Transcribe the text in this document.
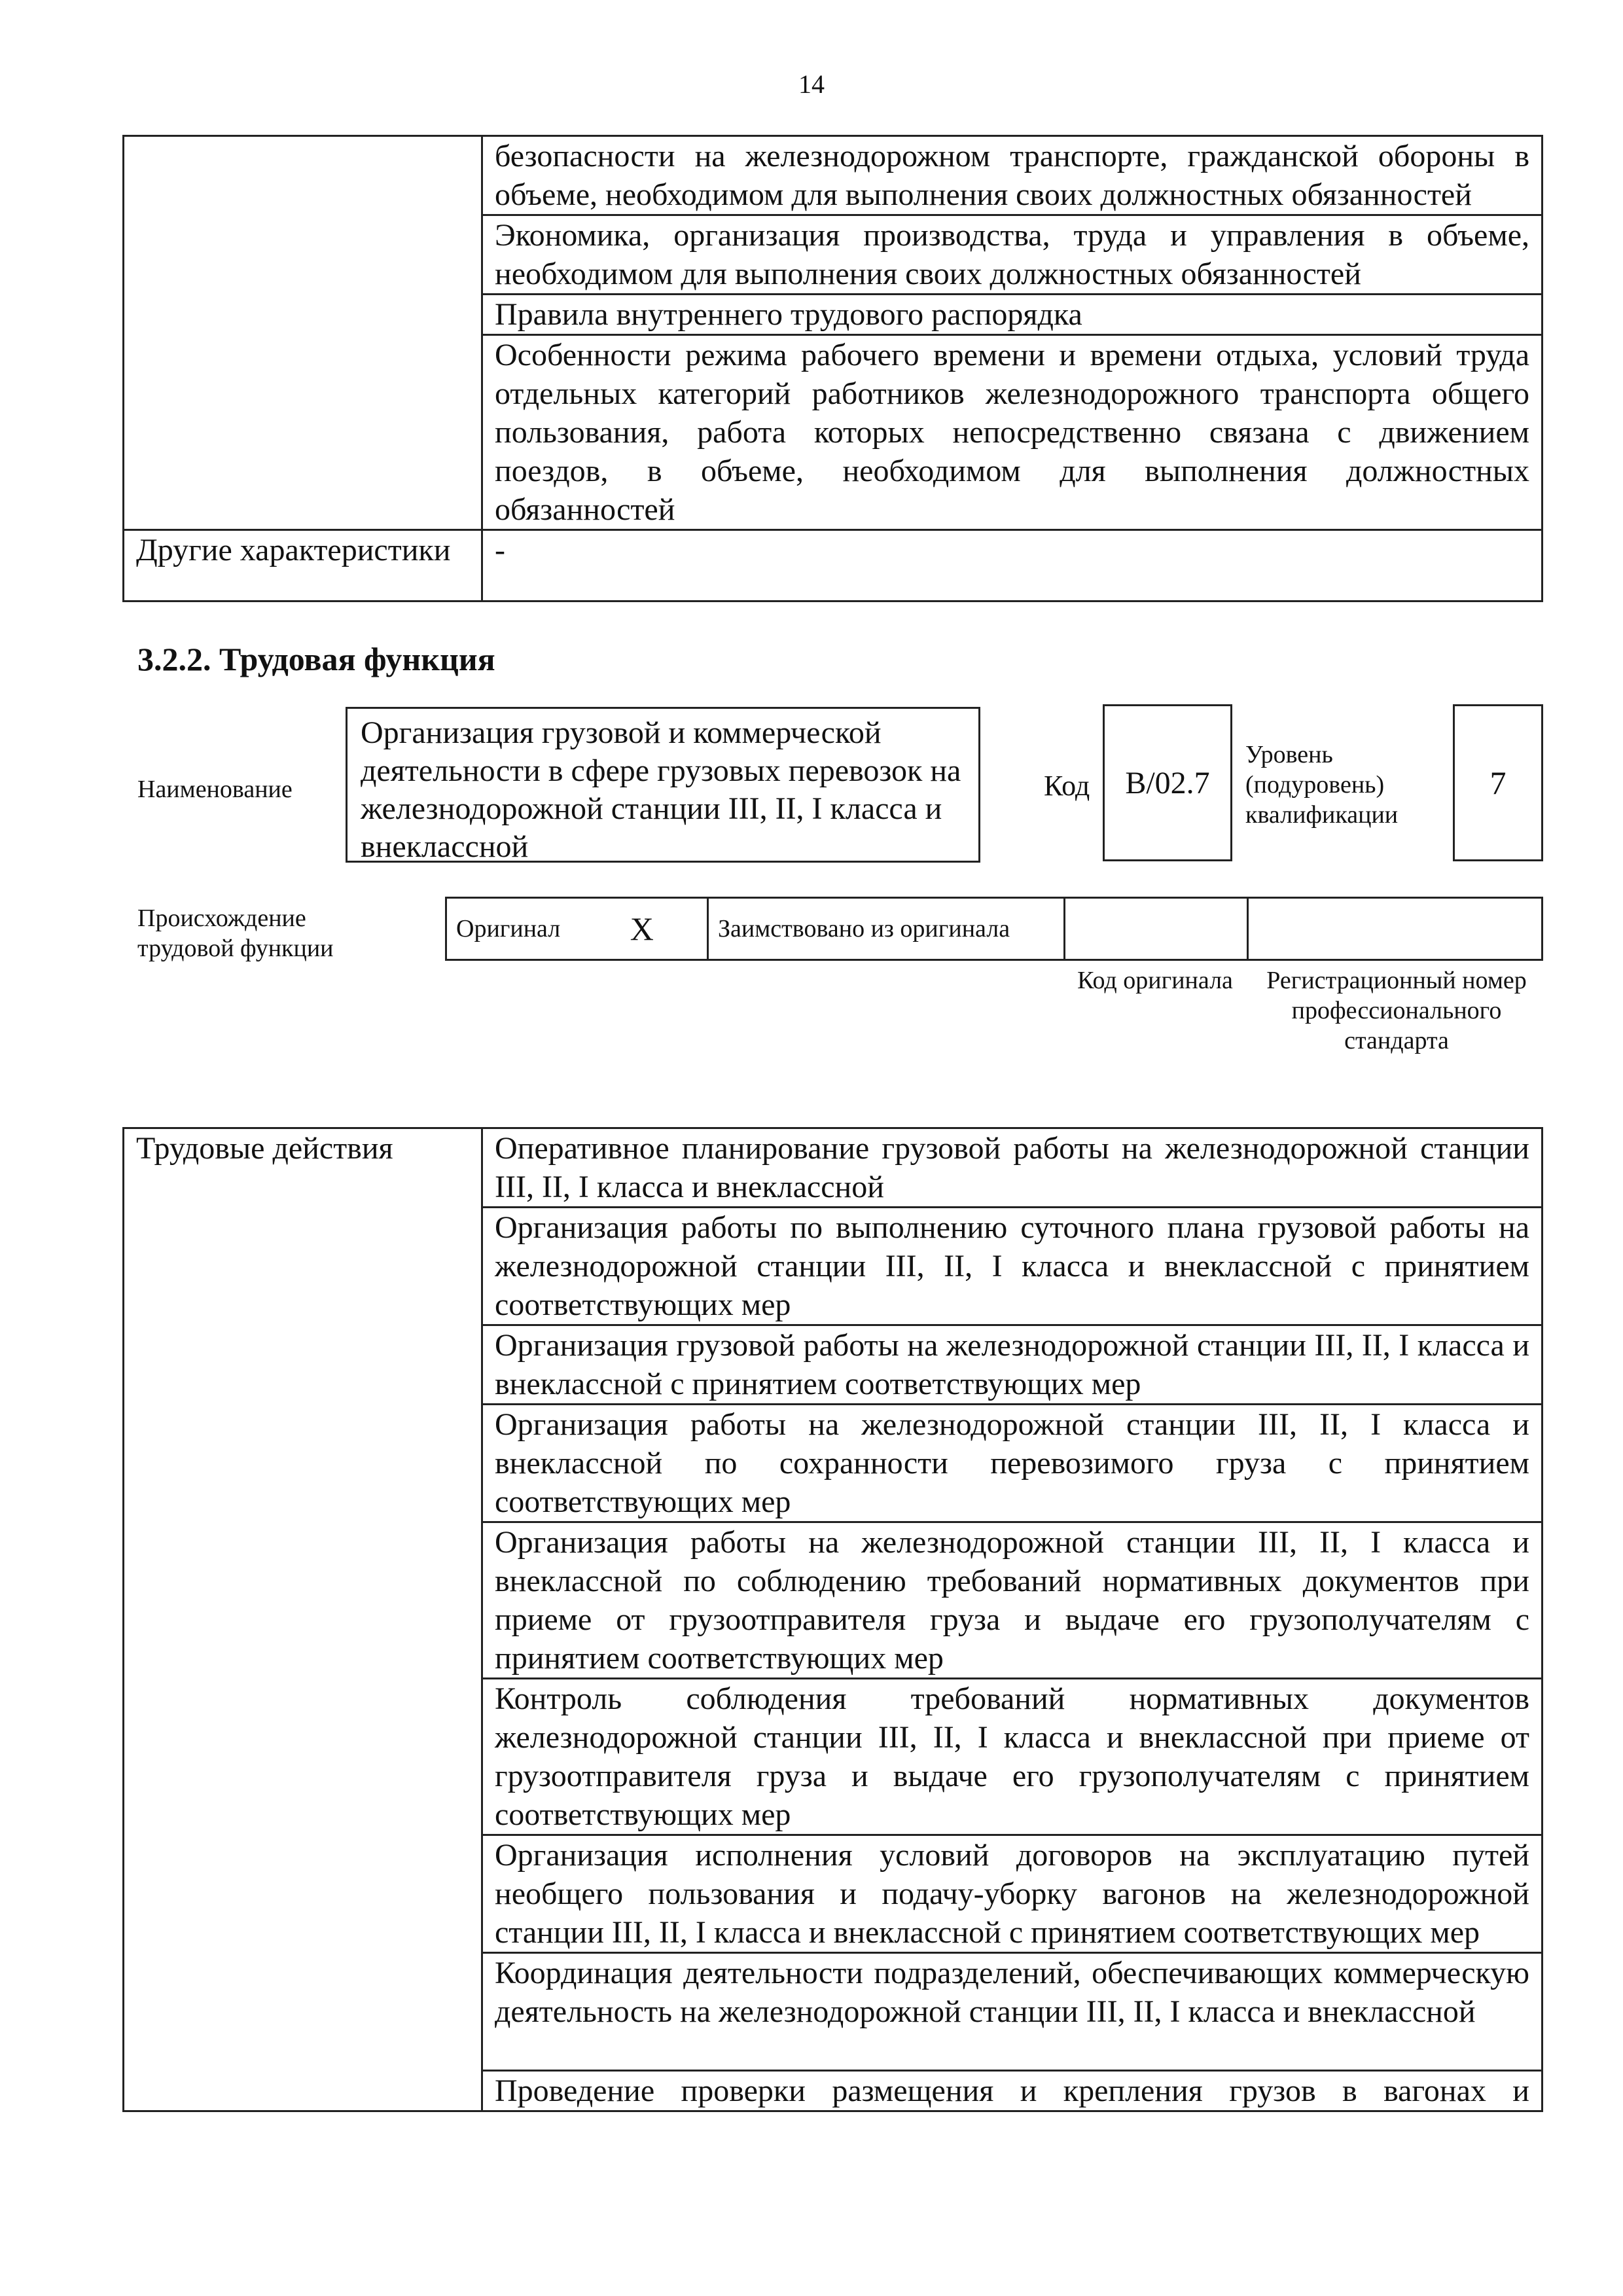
14
	безопасности на железнодорожном транспорте, гражданской обороны в объеме, необходимом для выполнения своих должностных обязанностей
	Экономика, организация производства, труда и управления в объеме, необходимом для выполнения своих должностных обязанностей
	Правила внутреннего трудового распорядка
	Особенности режима рабочего времени и времени отдыха, условий труда отдельных категорий работников железнодорожного транспорта общего пользования, работа которых непосредственно связана с движением поездов, в объеме, необходимом для выполнения должностных обязанностей
Другие характеристики	-
3.2.2. Трудовая функция
Наименование
Организация грузовой и коммерческой деятельности в сфере грузовых перевозок на железнодорожной станции III, II, I класса и внеклассной
Код	B/02.7
Уровень (подуровень) квалификации
7
Происхождение трудовой функции
Оригинал	X	Заимствовано из оригинала		
Код оригинала	Регистрационный номер профессионального стандарта
Трудовые действия	Оперативное планирование грузовой работы на железнодорожной станции III, II, I класса и внеклассной
Организация работы по выполнению суточного плана грузовой работы на железнодорожной станции III, II, I класса и внеклассной с принятием соответствующих мер
Организация грузовой работы на железнодорожной станции III, II, I класса и внеклассной с принятием соответствующих мер
Организация работы на железнодорожной станции III, II, I класса и внеклассной по сохранности перевозимого груза с принятием соответствующих мер
Организация работы на железнодорожной станции III, II, I класса и внеклассной по соблюдению требований нормативных документов при приеме от грузоотправителя груза и выдаче его грузополучателям с принятием соответствующих мер
Контроль соблюдения требований нормативных документов железнодорожной станции III, II, I класса и внеклассной при приеме от грузоотправителя груза и выдаче его грузополучателям с принятием соответствующих мер
Организация исполнения условий договоров на эксплуатацию путей необщего пользования и подачу-уборку вагонов на железнодорожной станции III, II, I класса и внеклассной с принятием соответствующих мер
Координация деятельности подразделений, обеспечивающих коммерческую деятельность на железнодорожной станции III, II, I класса и внеклассной
Проведение проверки размещения и крепления грузов в вагонах и
